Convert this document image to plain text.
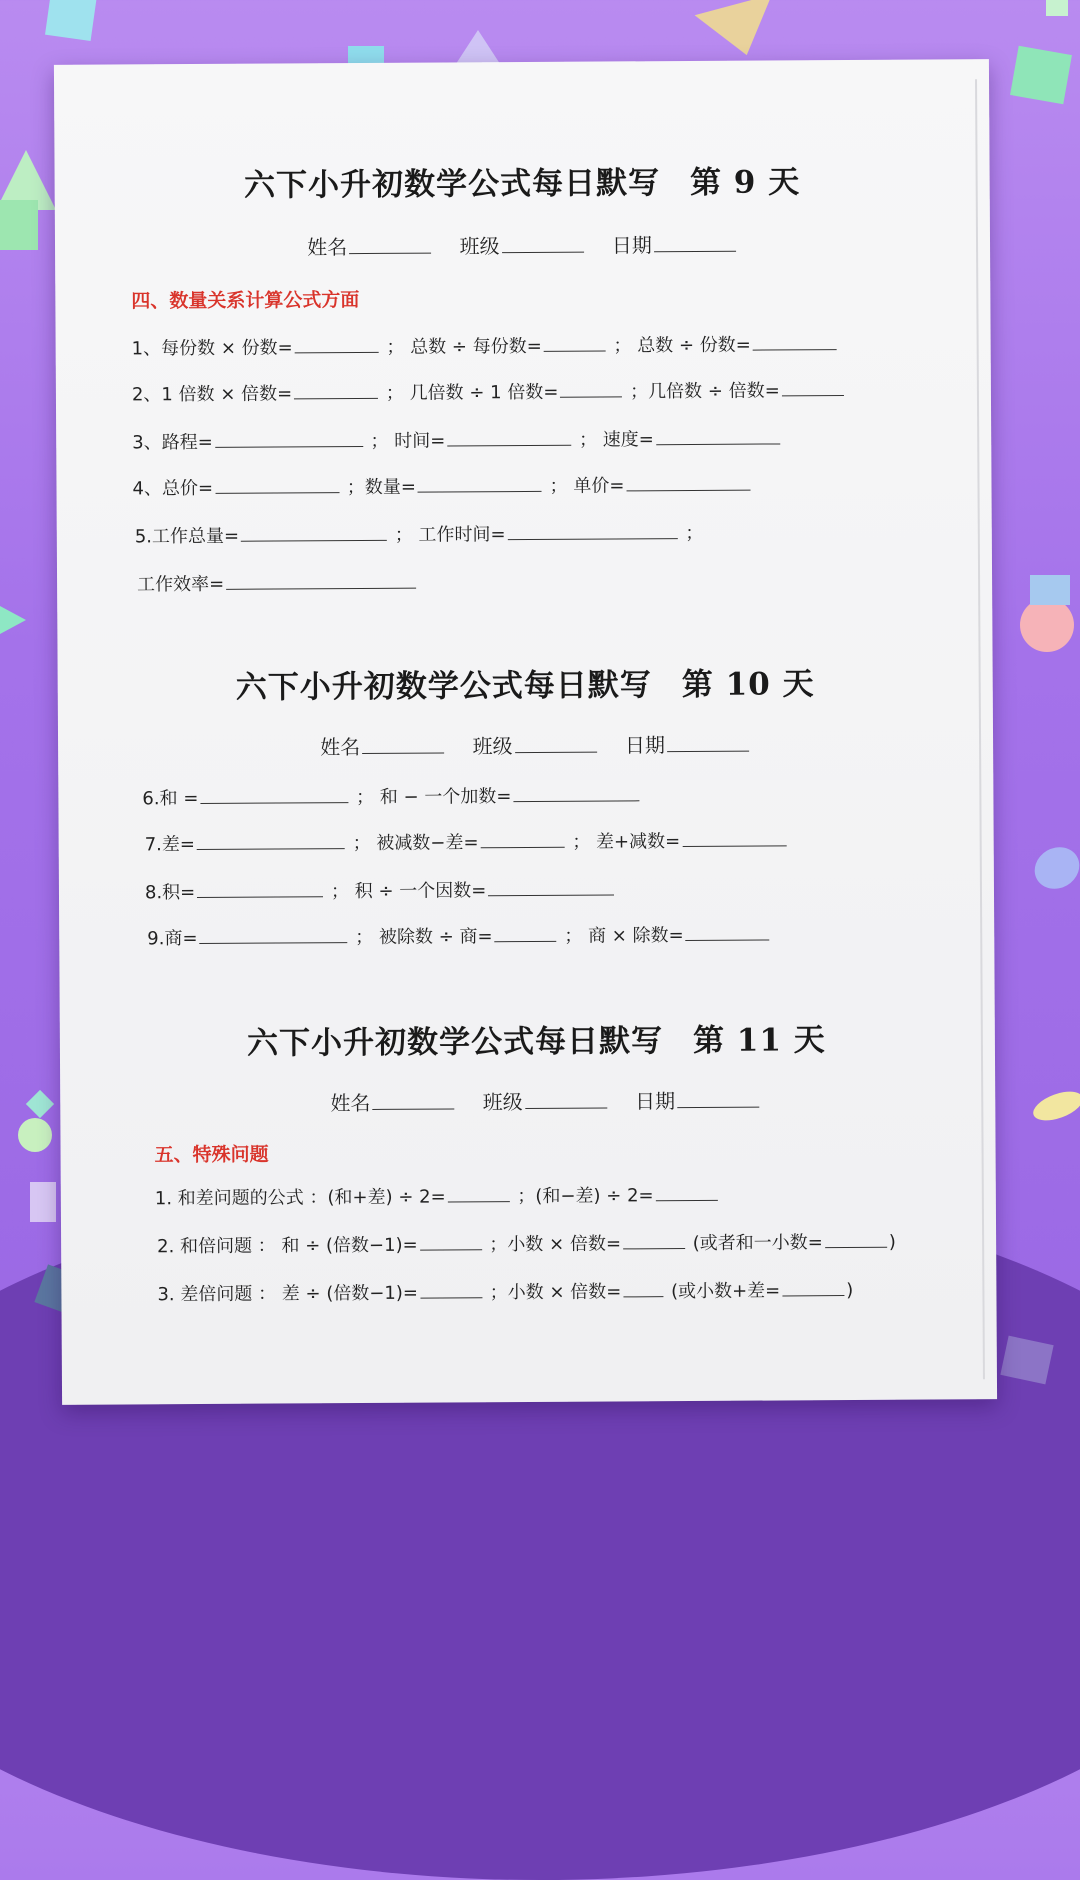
六下小升初数学公式每日默写 第 9 天
姓名	班级	日期
四、数量关系计算公式方面
1、每份数 × 份数=	； 总数 ÷ 每份数=	； 总数 ÷ 份数=
2、1 倍数 × 倍数=	； 几倍数 ÷ 1 倍数=	；几倍数 ÷ 倍数=
3、路程=	； 时间=	； 速度=
4、总价=	；数量=	； 单价=
5.工作总量=	； 工作时间=	；
工作效率=
六下小升初数学公式每日默写 第 10 天
姓名	班级	日期
6.和 =	； 和 − 一个加数=
7.差=	； 被减数−差=	； 差+减数=
8.积=	； 积 ÷ 一个因数=
9.商=	； 被除数 ÷ 商=	； 商 × 除数=
六下小升初数学公式每日默写 第 11 天
姓名	班级	日期
五、特殊问题
1. 和差问题的公式 ：(和+差) ÷ 2=	；(和−差) ÷ 2=
2. 和倍问题 ： 和 ÷ (倍数−1)=	；小数 × 倍数=	(或者和一小数=	)
3. 差倍问题 ： 差 ÷ (倍数−1)=	；小数 × 倍数=	(或小数+差=	)
